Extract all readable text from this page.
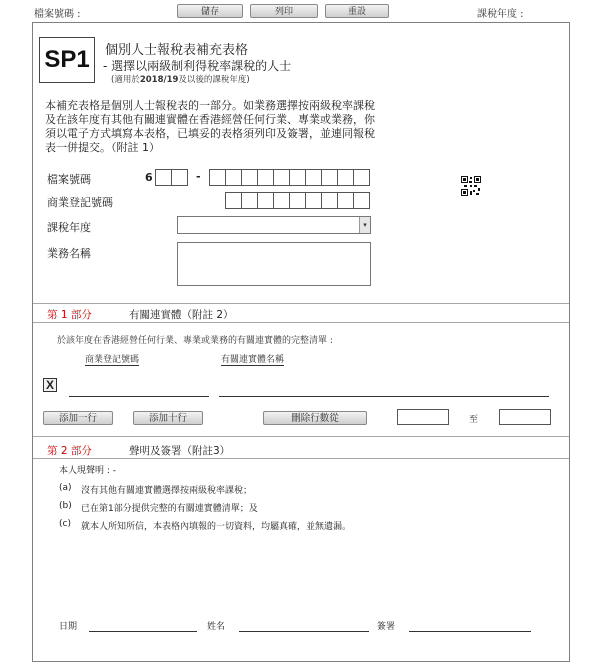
檔案號碼 :	儲存	列印	重設	課稅年度 :
SP1	個別人士報稅表補充表格
- 選擇以兩級制利得稅率課稅的人士
(適用於2018/19及以後的課稅年度)
本補充表格是個別人士報稅表的一部分。如業務選擇按兩級稅率課稅及在該年度有其他有關連實體在香港經營任何行業、專業或業務，你須以電子方式填寫本表格，已填妥的表格須列印及簽署，並連同報稅表一併提交。（附註 1）
檔案號碼	6	-
商業登記號碼
課稅年度	▾
業務名稱
第 1 部分	有關連實體（附註 2）
於該年度在香港經營任何行業、專業或業務的有關連實體的完整清單 :
商業登記號碼	有關連實體名稱
X
添加一行	添加十行	刪除行數從	至
第 2 部分	聲明及簽署（附註3）
本人現聲明 : -
(a) 沒有其他有關連實體選擇按兩級稅率課稅；
(b) 已在第1部分提供完整的有關連實體清單；及
(c) 就本人所知所信，本表格內填報的一切資料，均屬真確，並無遺漏。
日期	姓名	簽署
